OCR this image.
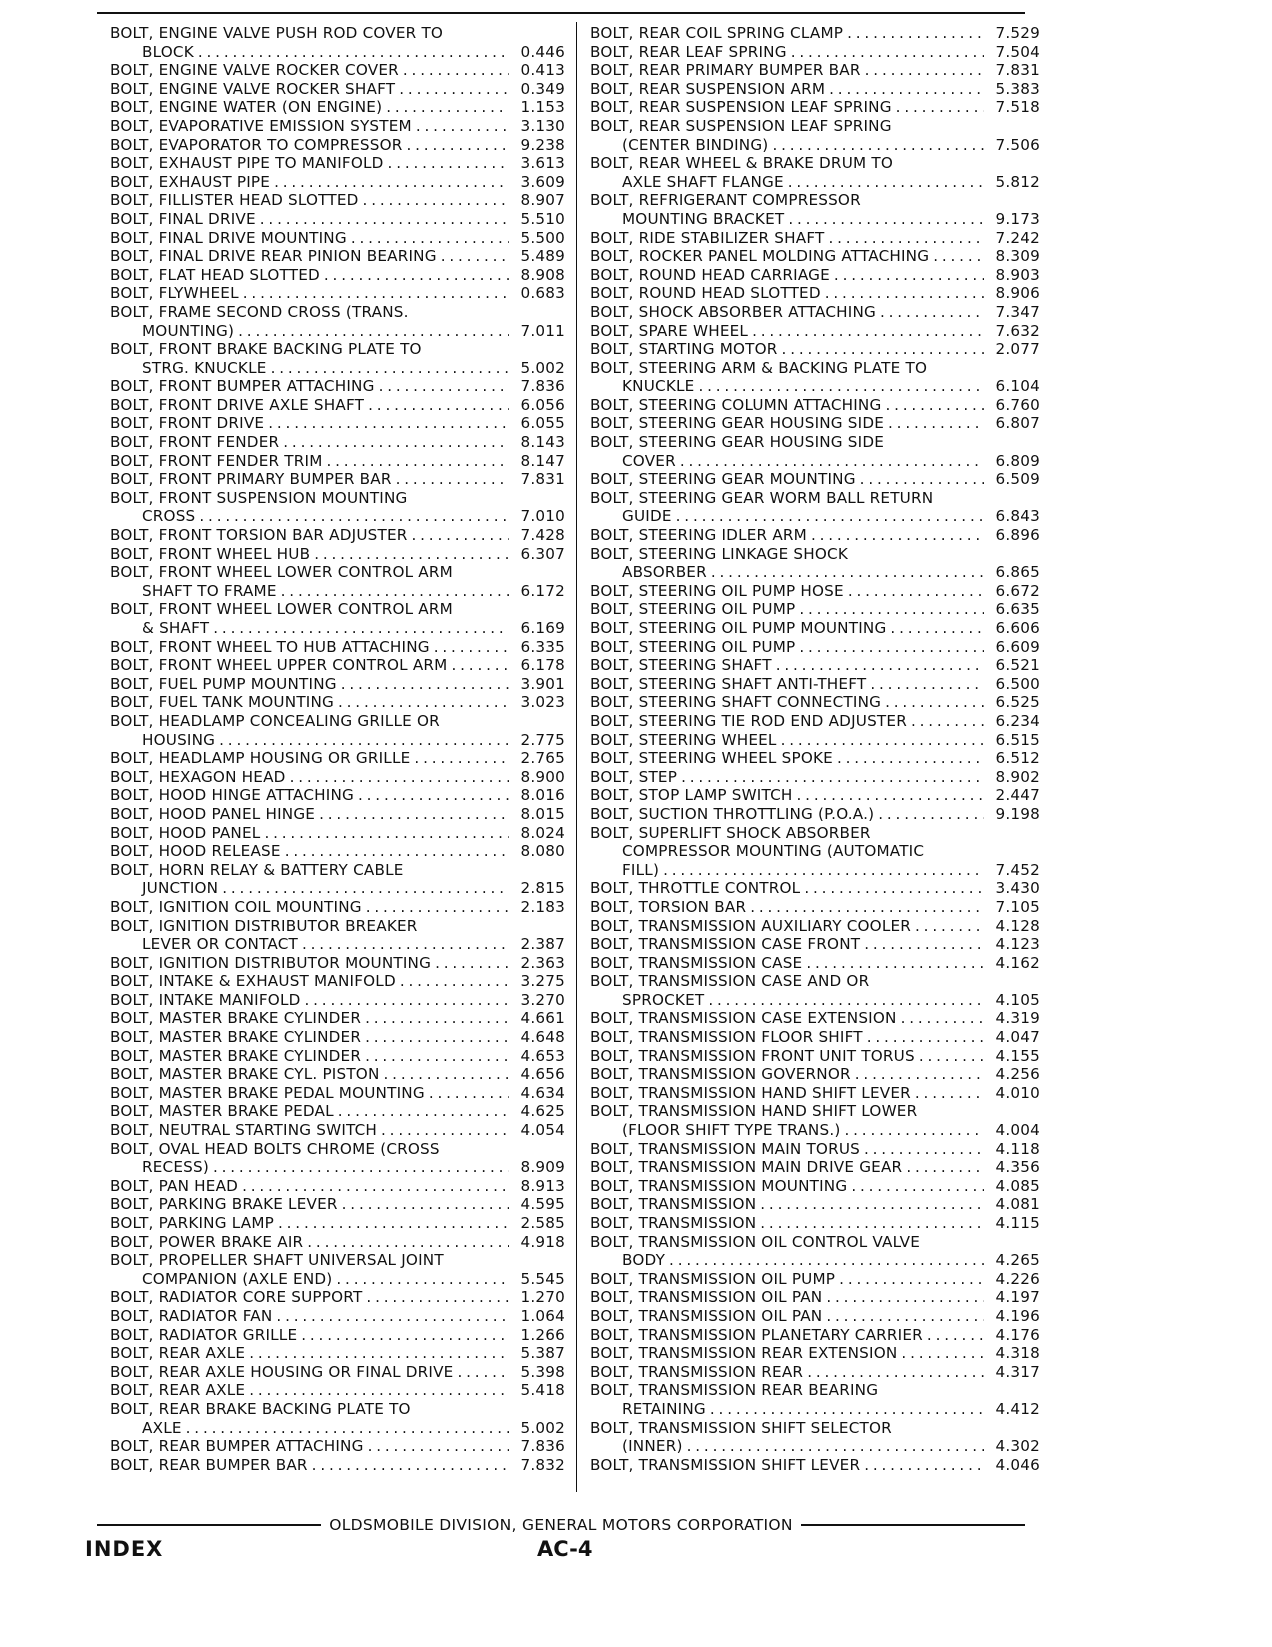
BOLT, ENGINE VALVE PUSH ROD COVER TO
BLOCK . . .	0.446
BOLT, ENGINE VALVE ROCKER COVER . . .	0.413
BOLT, ENGINE VALVE ROCKER SHAFT . . .	0.349
BOLT, ENGINE WATER (ON ENGINE) . . .	1.153
BOLT, EVAPORATIVE EMISSION SYSTEM . . .	3.130
BOLT, EVAPORATOR TO COMPRESSOR . . .	9.238
BOLT, EXHAUST PIPE TO MANIFOLD . . .	3.613
BOLT, EXHAUST PIPE . . .	3.609
BOLT, FILLISTER HEAD SLOTTED . . .	8.907
BOLT, FINAL DRIVE . . .	5.510
BOLT, FINAL DRIVE MOUNTING . . .	5.500
BOLT, FINAL DRIVE REAR PINION BEARING . . .	5.489
BOLT, FLAT HEAD SLOTTED . . .	8.908
BOLT, FLYWHEEL . . .	0.683
BOLT, FRAME SECOND CROSS (TRANS.
MOUNTING) . . .	7.011
BOLT, FRONT BRAKE BACKING PLATE TO
STRG. KNUCKLE . . .	5.002
BOLT, FRONT BUMPER ATTACHING . . .	7.836
BOLT, FRONT DRIVE AXLE SHAFT . . .	6.056
BOLT, FRONT DRIVE . . .	6.055
BOLT, FRONT FENDER . . .	8.143
BOLT, FRONT FENDER TRIM . . .	8.147
BOLT, FRONT PRIMARY BUMPER BAR . . .	7.831
BOLT, FRONT SUSPENSION MOUNTING
CROSS . . .	7.010
BOLT, FRONT TORSION BAR ADJUSTER . . .	7.428
BOLT, FRONT WHEEL HUB . . .	6.307
BOLT, FRONT WHEEL LOWER CONTROL ARM
SHAFT TO FRAME . . .	6.172
BOLT, FRONT WHEEL LOWER CONTROL ARM
& SHAFT . . .	6.169
BOLT, FRONT WHEEL TO HUB ATTACHING . . .	6.335
BOLT, FRONT WHEEL UPPER CONTROL ARM . . .	6.178
BOLT, FUEL PUMP MOUNTING . . .	3.901
BOLT, FUEL TANK MOUNTING . . .	3.023
BOLT, HEADLAMP CONCEALING GRILLE OR
HOUSING . . .	2.775
BOLT, HEADLAMP HOUSING OR GRILLE . . .	2.765
BOLT, HEXAGON HEAD . . .	8.900
BOLT, HOOD HINGE ATTACHING . . .	8.016
BOLT, HOOD PANEL HINGE . . .	8.015
BOLT, HOOD PANEL . . .	8.024
BOLT, HOOD RELEASE . . .	8.080
BOLT, HORN RELAY & BATTERY CABLE
JUNCTION . . .	2.815
BOLT, IGNITION COIL MOUNTING . . .	2.183
BOLT, IGNITION DISTRIBUTOR BREAKER
LEVER OR CONTACT . . .	2.387
BOLT, IGNITION DISTRIBUTOR MOUNTING . . .	2.363
BOLT, INTAKE & EXHAUST MANIFOLD . . .	3.275
BOLT, INTAKE MANIFOLD . . .	3.270
BOLT, MASTER BRAKE CYLINDER . . .	4.661
BOLT, MASTER BRAKE CYLINDER . . .	4.648
BOLT, MASTER BRAKE CYLINDER . . .	4.653
BOLT, MASTER BRAKE CYL. PISTON . . .	4.656
BOLT, MASTER BRAKE PEDAL MOUNTING . . .	4.634
BOLT, MASTER BRAKE PEDAL . . .	4.625
BOLT, NEUTRAL STARTING SWITCH . . .	4.054
BOLT, OVAL HEAD BOLTS CHROME (CROSS
RECESS) . . .	8.909
BOLT, PAN HEAD . . .	8.913
BOLT, PARKING BRAKE LEVER . . .	4.595
BOLT, PARKING LAMP . . .	2.585
BOLT, POWER BRAKE AIR . . .	4.918
BOLT, PROPELLER SHAFT UNIVERSAL JOINT
COMPANION (AXLE END) . . .	5.545
BOLT, RADIATOR CORE SUPPORT . . .	1.270
BOLT, RADIATOR FAN . . .	1.064
BOLT, RADIATOR GRILLE . . .	1.266
BOLT, REAR AXLE . . .	5.387
BOLT, REAR AXLE HOUSING OR FINAL DRIVE . . .	5.398
BOLT, REAR AXLE . . .	5.418
BOLT, REAR BRAKE BACKING PLATE TO
AXLE . . .	5.002
BOLT, REAR BUMPER ATTACHING . . .	7.836
BOLT, REAR BUMPER BAR . . .	7.832
BOLT, REAR COIL SPRING CLAMP . . .	7.529
BOLT, REAR LEAF SPRING . . .	7.504
BOLT, REAR PRIMARY BUMPER BAR . . .	7.831
BOLT, REAR SUSPENSION ARM . . .	5.383
BOLT, REAR SUSPENSION LEAF SPRING . . .	7.518
BOLT, REAR SUSPENSION LEAF SPRING
(CENTER BINDING) . . .	7.506
BOLT, REAR WHEEL & BRAKE DRUM TO
AXLE SHAFT FLANGE . . .	5.812
BOLT, REFRIGERANT COMPRESSOR
MOUNTING BRACKET . . .	9.173
BOLT, RIDE STABILIZER SHAFT . . .	7.242
BOLT, ROCKER PANEL MOLDING ATTACHING . . .	8.309
BOLT, ROUND HEAD CARRIAGE . . .	8.903
BOLT, ROUND HEAD SLOTTED . . .	8.906
BOLT, SHOCK ABSORBER ATTACHING . . .	7.347
BOLT, SPARE WHEEL . . .	7.632
BOLT, STARTING MOTOR . . .	2.077
BOLT, STEERING ARM & BACKING PLATE TO
KNUCKLE . . .	6.104
BOLT, STEERING COLUMN ATTACHING . . .	6.760
BOLT, STEERING GEAR HOUSING SIDE . . .	6.807
BOLT, STEERING GEAR HOUSING SIDE
COVER . . .	6.809
BOLT, STEERING GEAR MOUNTING . . .	6.509
BOLT, STEERING GEAR WORM BALL RETURN
GUIDE . . .	6.843
BOLT, STEERING IDLER ARM . . .	6.896
BOLT, STEERING LINKAGE SHOCK
ABSORBER . . .	6.865
BOLT, STEERING OIL PUMP HOSE . . .	6.672
BOLT, STEERING OIL PUMP . . .	6.635
BOLT, STEERING OIL PUMP MOUNTING . . .	6.606
BOLT, STEERING OIL PUMP . . .	6.609
BOLT, STEERING SHAFT . . .	6.521
BOLT, STEERING SHAFT ANTI-THEFT . . .	6.500
BOLT, STEERING SHAFT CONNECTING . . .	6.525
BOLT, STEERING TIE ROD END ADJUSTER . . .	6.234
BOLT, STEERING WHEEL . . .	6.515
BOLT, STEERING WHEEL SPOKE . . .	6.512
BOLT, STEP . . .	8.902
BOLT, STOP LAMP SWITCH . . .	2.447
BOLT, SUCTION THROTTLING (P.O.A.) . . .	9.198
BOLT, SUPERLIFT SHOCK ABSORBER
COMPRESSOR MOUNTING (AUTOMATIC
FILL) . . .	7.452
BOLT, THROTTLE CONTROL . . .	3.430
BOLT, TORSION BAR . . .	7.105
BOLT, TRANSMISSION AUXILIARY COOLER . . .	4.128
BOLT, TRANSMISSION CASE FRONT . . .	4.123
BOLT, TRANSMISSION CASE . . .	4.162
BOLT, TRANSMISSION CASE AND OR
SPROCKET . . .	4.105
BOLT, TRANSMISSION CASE EXTENSION . . .	4.319
BOLT, TRANSMISSION FLOOR SHIFT . . .	4.047
BOLT, TRANSMISSION FRONT UNIT TORUS . . .	4.155
BOLT, TRANSMISSION GOVERNOR . . .	4.256
BOLT, TRANSMISSION HAND SHIFT LEVER . . .	4.010
BOLT, TRANSMISSION HAND SHIFT LOWER
(FLOOR SHIFT TYPE TRANS.) . . .	4.004
BOLT, TRANSMISSION MAIN TORUS . . .	4.118
BOLT, TRANSMISSION MAIN DRIVE GEAR . . .	4.356
BOLT, TRANSMISSION MOUNTING . . .	4.085
BOLT, TRANSMISSION . . .	4.081
BOLT, TRANSMISSION . . .	4.115
BOLT, TRANSMISSION OIL CONTROL VALVE
BODY . . .	4.265
BOLT, TRANSMISSION OIL PUMP . . .	4.226
BOLT, TRANSMISSION OIL PAN . . .	4.197
BOLT, TRANSMISSION OIL PAN . . .	4.196
BOLT, TRANSMISSION PLANETARY CARRIER . . .	4.176
BOLT, TRANSMISSION REAR EXTENSION . . .	4.318
BOLT, TRANSMISSION REAR . . .	4.317
BOLT, TRANSMISSION REAR BEARING
RETAINING . . .	4.412
BOLT, TRANSMISSION SHIFT SELECTOR
(INNER) . . .	4.302
BOLT, TRANSMISSION SHIFT LEVER . . .	4.046
OLDSMOBILE DIVISION, GENERAL MOTORS CORPORATION
INDEX	AC-4
